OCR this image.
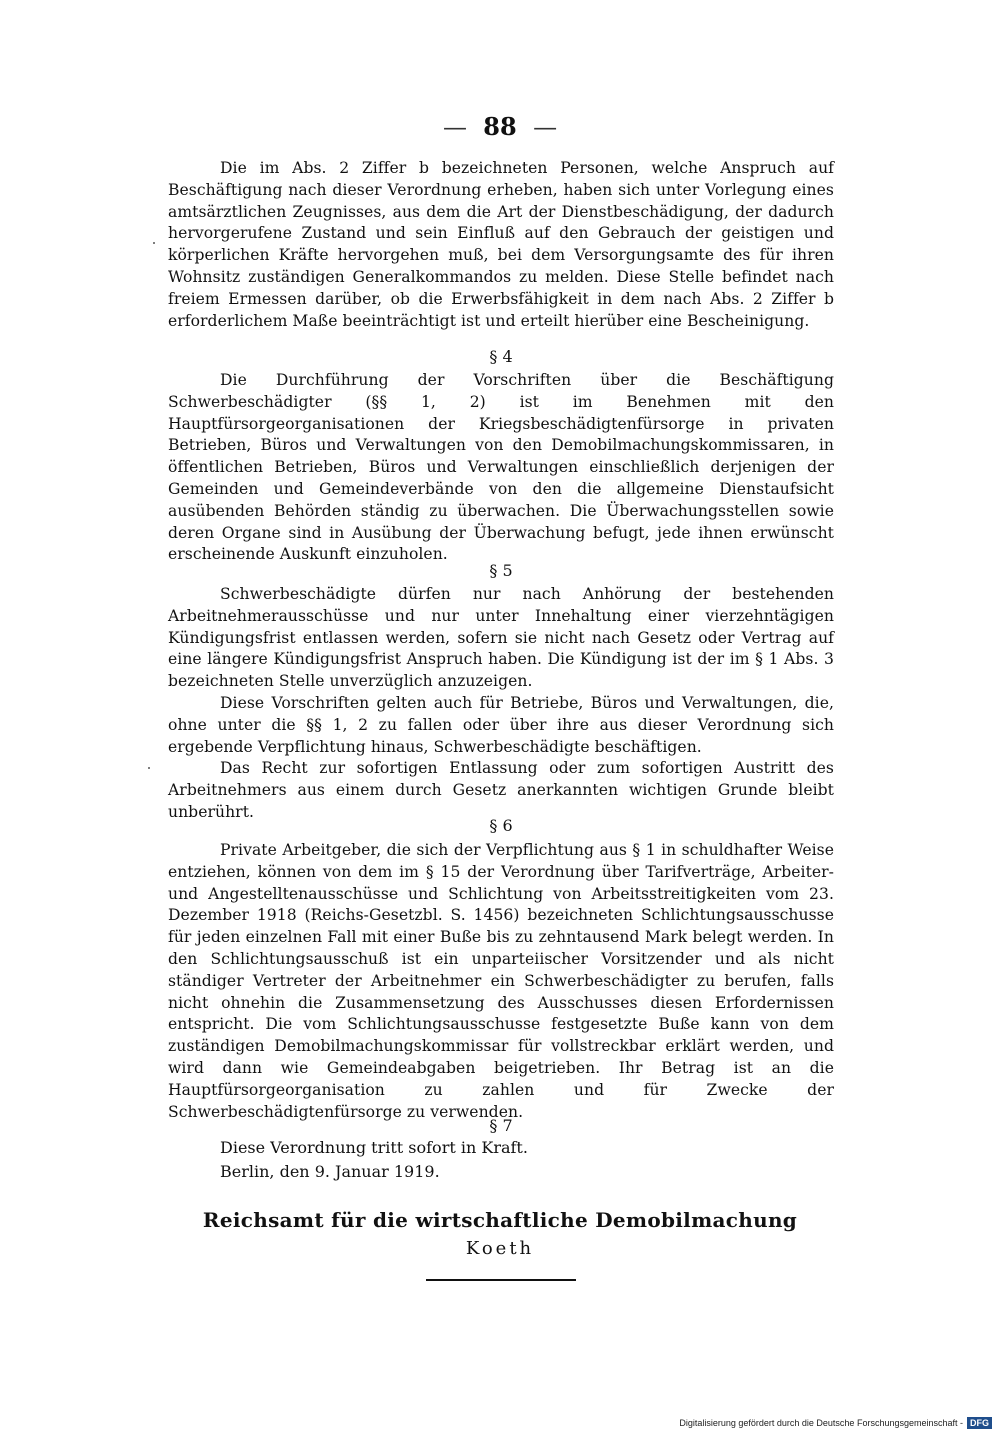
— 88 —

Die im Abs. 2 Ziffer b bezeichneten Personen, welche Anspruch auf Beschäftigung nach dieser Verordnung erheben, haben sich unter Vorlegung eines amtsärztlichen Zeugnisses, aus dem die Art der Dienstbeschädigung, der dadurch hervorgerufene Zustand und sein Einfluß auf den Gebrauch der geistigen und körperlichen Kräfte hervorgehen muß, bei dem Versorgungsamte des für ihren Wohnsitz zuständigen Generalkommandos zu melden. Diese Stelle befindet nach freiem Ermessen darüber, ob die Erwerbsfähigkeit in dem nach Abs. 2 Ziffer b erforderlichem Maße beeinträchtigt ist und erteilt hierüber eine Bescheinigung.

§ 4

Die Durchführung der Vorschriften über die Beschäftigung Schwerbeschädigter (§§ 1, 2) ist im Benehmen mit den Hauptfürsorgeorganisationen der Kriegsbeschädigtenfürsorge in privaten Betrieben, Büros und Verwaltungen von den Demobilmachungskommissaren, in öffentlichen Betrieben, Büros und Verwaltungen einschließlich derjenigen der Gemeinden und Gemeindeverbände von den die allgemeine Dienstaufsicht ausübenden Behörden ständig zu überwachen. Die Überwachungsstellen sowie deren Organe sind in Ausübung der Überwachung befugt, jede ihnen erwünscht erscheinende Auskunft einzuholen.

§ 5

Schwerbeschädigte dürfen nur nach Anhörung der bestehenden Arbeitnehmerausschüsse und nur unter Innehaltung einer vierzehntägigen Kündigungsfrist entlassen werden, sofern sie nicht nach Gesetz oder Vertrag auf eine längere Kündigungsfrist Anspruch haben. Die Kündigung ist der im § 1 Abs. 3 bezeichneten Stelle unverzüglich anzuzeigen.

Diese Vorschriften gelten auch für Betriebe, Büros und Verwaltungen, die, ohne unter die §§ 1, 2 zu fallen oder über ihre aus dieser Verordnung sich ergebende Verpflichtung hinaus, Schwerbeschädigte beschäftigen.

Das Recht zur sofortigen Entlassung oder zum sofortigen Austritt des Arbeitnehmers aus einem durch Gesetz anerkannten wichtigen Grunde bleibt unberührt.

§ 6

Private Arbeitgeber, die sich der Verpflichtung aus § 1 in schuldhafter Weise entziehen, können von dem im § 15 der Verordnung über Tarifverträge, Arbeiter- und Angestelltenausschüsse und Schlichtung von Arbeitsstreitigkeiten vom 23. Dezember 1918 (Reichs-Gesetzbl. S. 1456) bezeichneten Schlichtungsausschusse für jeden einzelnen Fall mit einer Buße bis zu zehntausend Mark belegt werden. In den Schlichtungsausschuß ist ein unparteiischer Vorsitzender und als nicht ständiger Vertreter der Arbeitnehmer ein Schwerbeschädigter zu berufen, falls nicht ohnehin die Zusammensetzung des Ausschusses diesen Erfordernissen entspricht. Die vom Schlichtungsausschusse festgesetzte Buße kann von dem zuständigen Demobilmachungskommissar für vollstreckbar erklärt werden, und wird dann wie Gemeindeabgaben beigetrieben. Ihr Betrag ist an die Hauptfürsorgeorganisation zu zahlen und für Zwecke der Schwerbeschädigtenfürsorge zu verwenden.

§ 7
Diese Verordnung tritt sofort in Kraft.
Berlin, den 9. Januar 1919.
Reichsamt für die wirtschaftliche Demobilmachung
Koeth
Digitalisierung gefördert durch die Deutsche Forschungsgemeinschaft - DFG
